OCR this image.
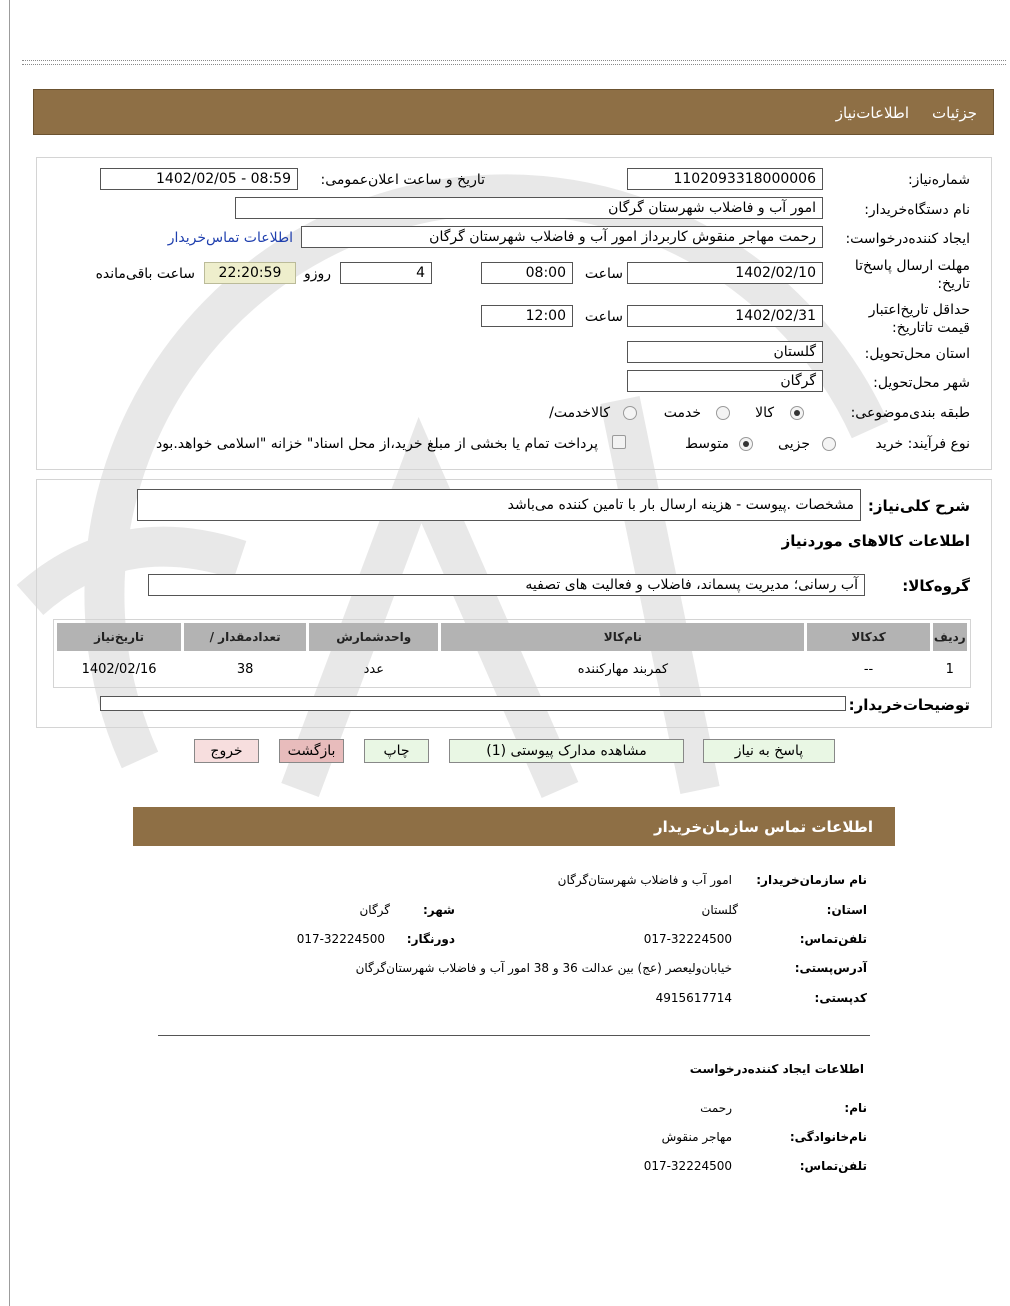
جزئیات
اطلاعات‌نیاز
شماره‌نیاز:
1102093318000006
تاریخ و ساعت اعلان‌عمومی:
1402/02/05 - 08:59
نام دستگاه‌خریدار:
امور آب و فاضلاب شهرستان گرگان
ایجاد کننده‌درخواست:
رحمت مهاجر منقوش کاربرداز امور آب و فاضلاب شهرستان گرگان
اطلاعات تماس‌خریدار
مهلت ارسال پاسخ‌تا تاریخ:
1402/02/10
ساعت
08:00
4
روزو
22:20:59
ساعت باقی‌مانده
حداقل تاریخ‌اعتبار قیمت تا‌تاریخ:
1402/02/31
ساعت
12:00
استان محل‌تحویل:
گلستان
شهر محل‌تحویل:
گرگان
طبقه بندی‌موضوعی:
کالا
خدمت
کالا‌خدمت/
نوع فرآیند: خرید
جزیی
متوسط
پرداخت تمام یا بخشی از مبلغ خرید،از محل اسناد" خزانه "اسلامی خواهد.بود
شرح کلی‌نیاز:
مشخصات .پیوست - هزینه ارسال بار با تامین کننده می‌باشد
اطلاعات کالاهای موردنیاز
گروه‌کالا:
آب رسانی؛ مدیریت پسماند، فاضلاب و فعالیت های تصفیه
ردیف	کدکالا	نام‌کالا	واحدشمارش	تعداد‌مقدار /	تاریخ‌نیاز
1	--	کمربند مهارکننده	عدد	38	1402/02/16
توضیحات‌خریدار:
پاسخ به نیاز
مشاهده مدارک پیوستی (1)
چاپ
بازگشت
خروج
اطلاعات تماس سازمان‌خریدار
نام سازمان‌خریدار:
امور آب و فاضلاب شهرستان‌گرگان
استان:
گلستان
شهر:
گرگان
تلفن‌تماس:
017-32224500
دورنگار:
017-32224500
آدرس‌پستی:
خیابان‌ولیعصر (عج) بین عدالت 36 و 38 امور آب و فاضلاب شهرستان‌گرگان
کدپستی:
4915617714
اطلاعات ایجاد کننده‌درخواست
نام:
رحمت
نام‌خانوادگی:
مهاجر منقوش
تلفن‌تماس:
017-32224500
